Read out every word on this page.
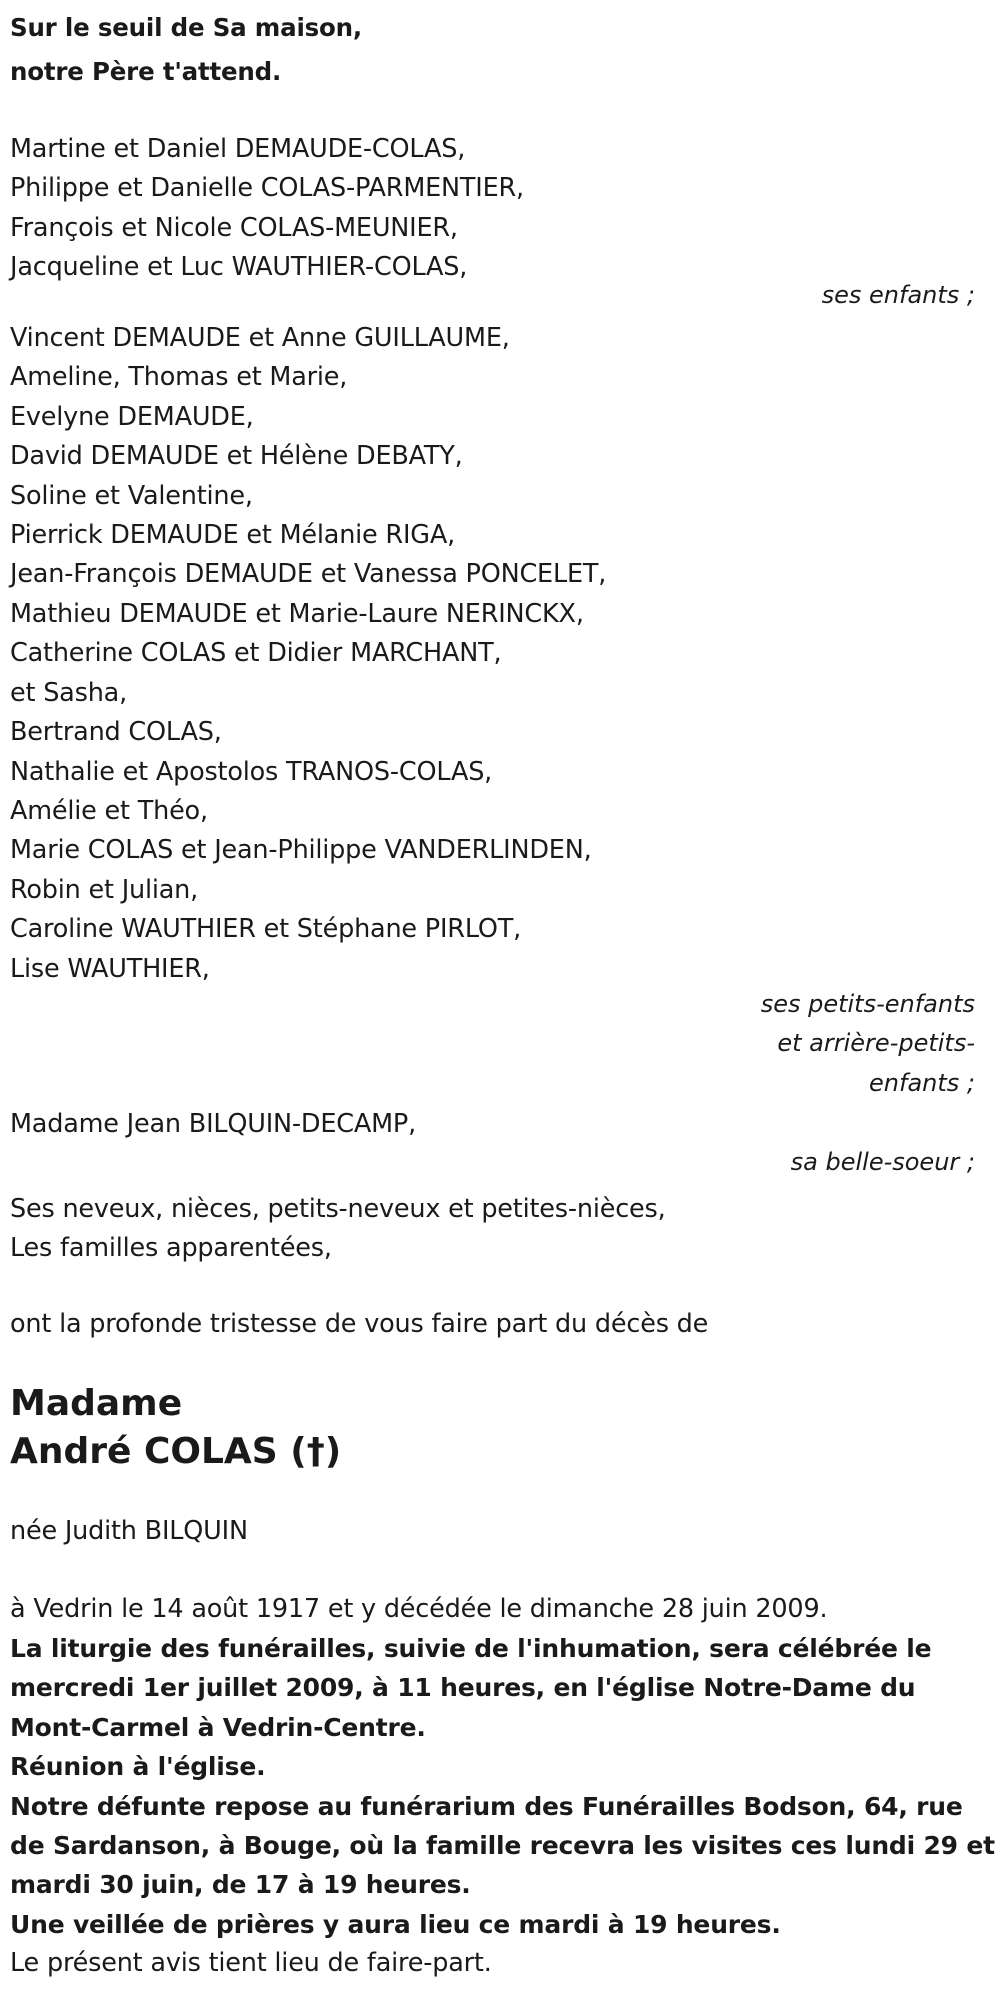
Sur le seuil de Sa maison,
notre Père t'attend.
Martine et Daniel DEMAUDE-COLAS,
Philippe et Danielle COLAS-PARMENTIER,
François et Nicole COLAS-MEUNIER,
Jacqueline et Luc WAUTHIER-COLAS,
ses enfants ;
Vincent DEMAUDE et Anne GUILLAUME,
Ameline, Thomas et Marie,
Evelyne DEMAUDE,
David DEMAUDE et Hélène DEBATY,
Soline et Valentine,
Pierrick DEMAUDE et Mélanie RIGA,
Jean-François DEMAUDE et Vanessa PONCELET,
Mathieu DEMAUDE et Marie-Laure NERINCKX,
Catherine COLAS et Didier MARCHANT,
et Sasha,
Bertrand COLAS,
Nathalie et Apostolos TRANOS-COLAS,
Amélie et Théo,
Marie COLAS et Jean-Philippe VANDERLINDEN,
Robin et Julian,
Caroline WAUTHIER et Stéphane PIRLOT,
Lise WAUTHIER,
ses petits-enfants
et arrière-petits-
enfants ;
Madame Jean BILQUIN-DECAMP,
sa belle-soeur ;
Ses neveux, nièces, petits-neveux et petites-nièces,
Les familles apparentées,
ont la profonde tristesse de vous faire part du décès de
Madame
André COLAS (†)
née Judith BILQUIN
à Vedrin le 14 août 1917 et y décédée le dimanche 28 juin 2009.
La liturgie des funérailles, suivie de l'inhumation, sera célébrée le
mercredi 1er juillet 2009, à 11 heures, en l'église Notre-Dame du
Mont-Carmel à Vedrin-Centre.
Réunion à l'église.
Notre défunte repose au funérarium des Funérailles Bodson, 64, rue
de Sardanson, à Bouge, où la famille recevra les visites ces lundi 29 et
mardi 30 juin, de 17 à 19 heures.
Une veillée de prières y aura lieu ce mardi à 19 heures.
Le présent avis tient lieu de faire-part.
